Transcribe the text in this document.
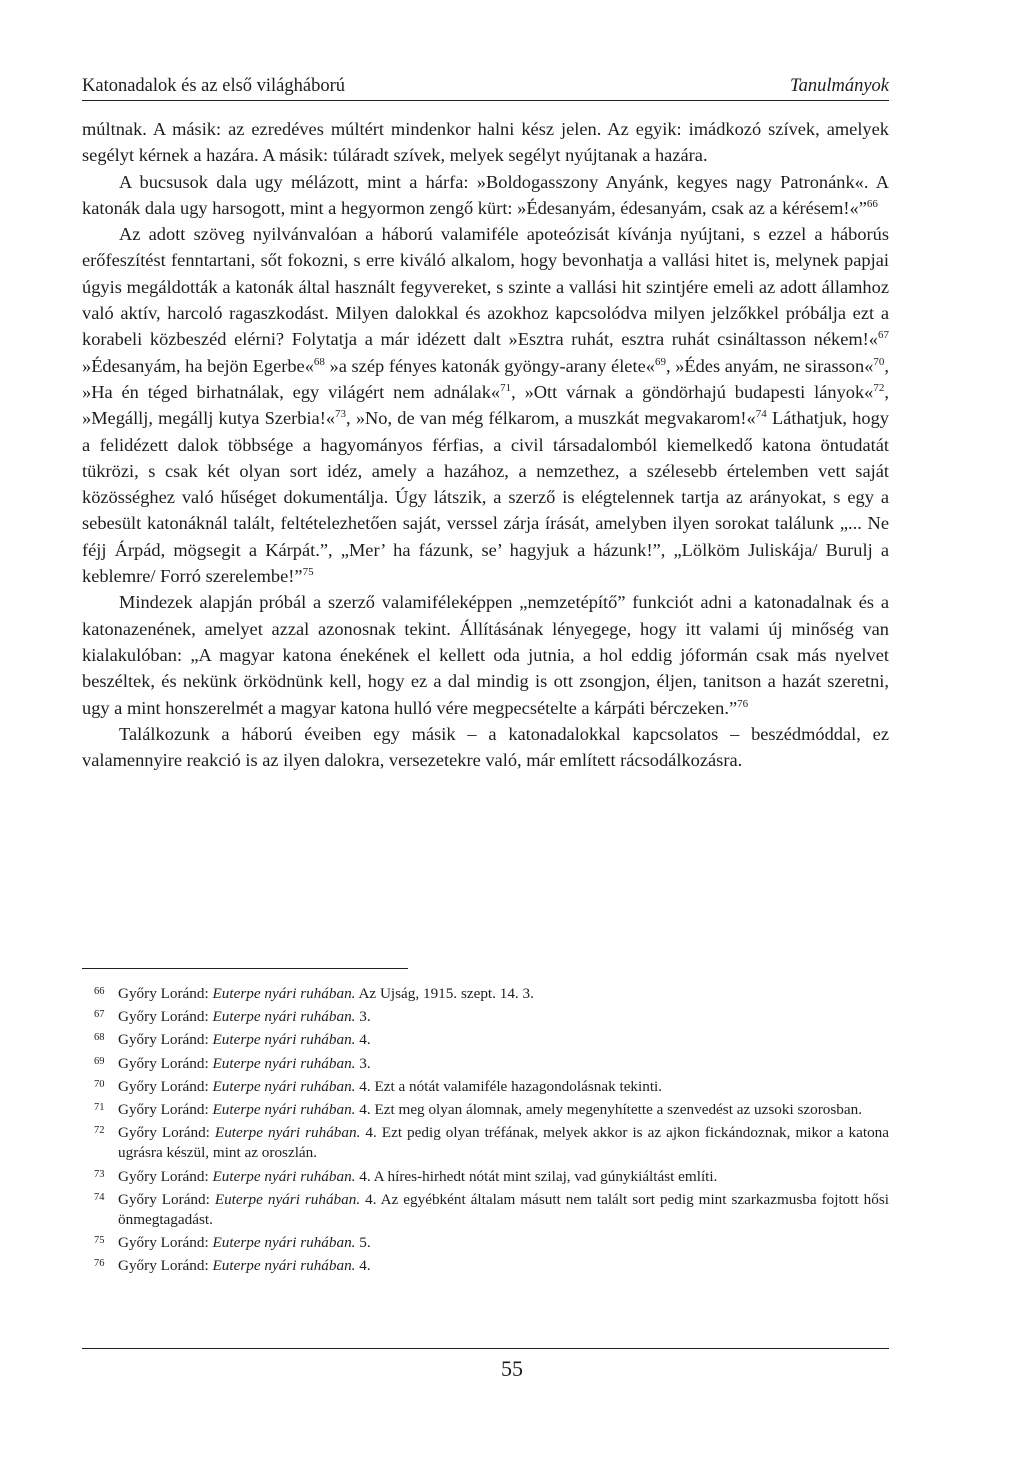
Katonadalok és az első világháború	Tanulmányok

múltnak. A másik: az ezredéves múltért mindenkor halni kész jelen. Az egyik: imádkozó szívek, amelyek segélyt kérnek a hazára. A másik: túláradt szívek, melyek segélyt nyújtanak a hazára.

A bucsusok dala ugy mélázott, mint a hárfa: »Boldogasszony Anyánk, kegyes nagy Patronánk«. A katonák dala ugy harsogott, mint a hegyormon zengő kürt: »Édesanyám, édesanyám, csak az a kérésem!«”$^{66}$

Az adott szöveg nyilvánvalóan a háború valamiféle apoteózisát kívánja nyújtani, s ezzel a háborús erőfeszítést fenntartani, sőt fokozni, s erre kiváló alkalom, hogy bevonhatja a vallási hitet is, melynek papjai úgyis megáldották a katonák által használt fegyvereket, s szinte a vallási hit szintjére emeli az adott államhoz való aktív, harcoló ragaszkodást. Milyen dalokkal és azokhoz kapcsolódva milyen jelzőkkel próbálja ezt a korabeli közbeszéd elérni? Folytatja a már idézett dalt »Esztra ruhát, esztra ruhát csináltasson nékem!«$^{67}$ »Édesanyám, ha bejön Egerbe«$^{68}$ »a szép fényes katonák gyöngy-arany élete«$^{69}$, »Édes anyám, ne sirasson«$^{70}$, »Ha én téged birhatnálak, egy világért nem adnálak«$^{71}$, »Ott várnak a göndörhajú budapesti lányok«$^{72}$, »Megállj, megállj kutya Szerbia!«$^{73}$, »No, de van még félkarom, a muszkát megvakarom!«$^{74}$ Láthatjuk, hogy a felidézett dalok többsége a hagyományos férfias, a civil társadalomból kiemelkedő katona öntudatát tükrözi, s csak két olyan sort idéz, amely a hazához, a nemzethez, a szélesebb értelemben vett saját közösséghez való hűséget dokumentálja. Úgy látszik, a szerző is elégtelennek tartja az arányokat, s egy a sebesült katonáknál talált, feltételezhetően saját, verssel zárja írását, amelyben ilyen sorokat találunk „... Ne féjj Árpád, mögsegit a Kárpát.”, „Mer’ ha fázunk, se’ hagyjuk a házunk!”, „Lölköm Juliskája/ Burulj a keblemre/ Forró szerelembe!”$^{75}$

Mindezek alapján próbál a szerző valamiféleképpen „nemzetépítő” funkciót adni a katonadalnak és a katonazenének, amelyet azzal azonosnak tekint. Állításának lényegege, hogy itt valami új minőség van kialakulóban: „A magyar katona énekének el kellett oda jutnia, a hol eddig jóformán csak más nyelvet beszéltek, és nekünk örködnünk kell, hogy ez a dal mindig is ott zsongjon, éljen, tanitson a hazát szeretni, ugy a mint honszerelmét a magyar katona hulló vére megpecsételte a kárpáti bérczeken.”$^{76}$

Találkozunk a háború éveiben egy másik – a katonadalokkal kapcsolatos – beszédmóddal, ez valamennyire reakció is az ilyen dalokra, versezetekre való, már említett rácsodálkozásra.

66 Győry Loránd: Euterpe nyári ruhában. Az Ujság, 1915. szept. 14. 3.

67 Győry Loránd: Euterpe nyári ruhában. 3.

68 Győry Loránd: Euterpe nyári ruhában. 4.

69 Győry Loránd: Euterpe nyári ruhában. 3.

70 Győry Loránd: Euterpe nyári ruhában. 4. Ezt a nótát valamiféle hazagondolásnak tekinti.

71 Győry Loránd: Euterpe nyári ruhában. 4. Ezt meg olyan álomnak, amely megenyhítette a szenvedést az uzsoki szorosban.

72 Győry Loránd: Euterpe nyári ruhában. 4. Ezt pedig olyan tréfának, melyek akkor is az ajkon fickándoznak, mikor a katona ugrásra készül, mint az oroszlán.

73 Győry Loránd: Euterpe nyári ruhában. 4. A híres-hirhedt nótát mint szilaj, vad gúnykiáltást említi.

74 Győry Loránd: Euterpe nyári ruhában. 4. Az egyébként általam másutt nem talált sort pedig mint szarkazmusba fojtott hősi önmegtagadást.

75 Győry Loránd: Euterpe nyári ruhában. 5.

76 Győry Loránd: Euterpe nyári ruhában. 4.

55
